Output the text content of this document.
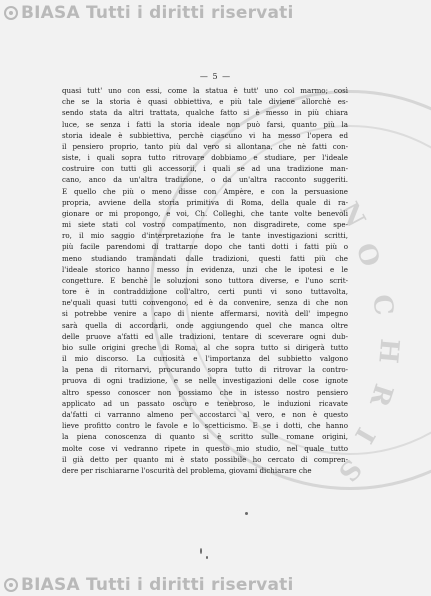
N
O
C
H
R
I
S
BIASA Tutti i diritti riservati
— 5 —
quasi tutt' uno con essi, come la statua è tutt' uno col marmo; così
che se la storia è quasi obbiettiva, e più tale diviene allorchè es-
sendo stata da altri trattata, qualche fatto si è messo in più chiara
luce, se senza i fatti la storia ideale non può farsi, quanto più la
storia ideale è subbiettiva, perchè ciascuno vi ha messo l'opera ed
il pensiero proprio, tanto più dal vero si allontana, che nè fatti con-
siste, i quali sopra tutto ritrovare dobbiamo e studiare, per l'ideale
costruire con tutti gli accessorii, i quali se ad una tradizione man-
cano, anco da un'altra tradizione, o da un'altra racconto suggeriti.
E quello che più o meno disse con Ampère, e con la persuasione
propria, avviene della storia primitiva di Roma, della quale di ra-
gionare or mi propongo, e voi, Ch. Colleghi, che tante volte benevoli
mi siete stati col vostro compatimento, non disgradirete, come spe-
ro, il mio saggio d'interpretazione fra le tante investigazioni scritti,
più facile parendomi di trattarne dopo che tanti dotti i fatti più o
meno studiando tramandati dalle tradizioni, questi fatti più che
l'ideale storico hanno messo in evidenza, unzi che le ipotesi e le
congetture. E benchè le soluzioni sono tuttora diverse, e l'uno scrit-
tore è in contraddizione coll'altro, certi punti vi sono tuttavolta,
ne'quali quasi tutti convengono, ed è da convenire, senza di che non
si potrebbe venire a capo di niente affermarsi, novità dell' impegno
sarà quella di accordarli, onde aggiungendo quel che manca oltre
delle pruove a'fatti ed alle tradizioni, tentare di sceverare ogni dub-
bio sulle origini greche di Roma, al che sopra tutto si dirigerà tutto
il mio discorso. La curiosità e l'importanza del subbietto valgono
la pena di ritornarvi, procurando sopra tutto di ritrovar la contro-
pruova di ogni tradizione, e se nelle investigazioni delle cose ignote
altro spesso conoscer non possiamo che in istesso nostro pensiero
applicato ad un passato oscuro e tenebroso, le induzioni ricavate
da'fatti ci varranno almeno per accostarci al vero, e non è questo
lieve profitto contro le favole e lo scetticismo. E se i dotti, che hanno
la piena conoscenza di quanto si è scritto sulle romane origini,
molte cose vi vedranno ripete in questo mio studio, nel quale tutto
il già detto per quanto mi è stato possibile ho cercato di compren-
dere per rischiararne l'oscurità del problema, giovami dichiarare che
BIASA Tutti i diritti riservati
